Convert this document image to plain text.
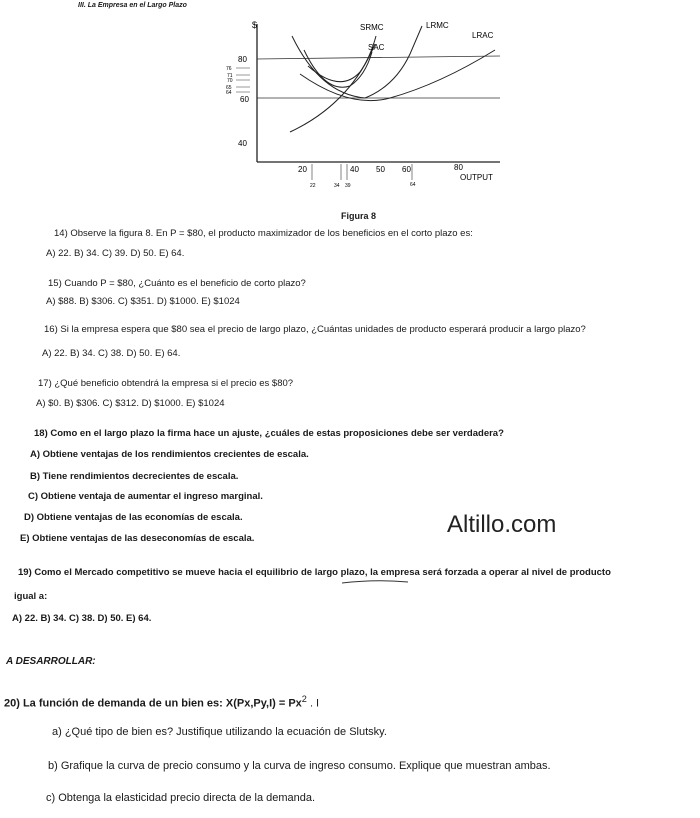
III. La Empresa en el Largo Plazo
$	SRMC
SAC
LRMC
LRAC
80
60
40
76
71
70
65
64
20	40 50 60	80
22	34 39	64
OUTPUT
Figura 8
14) Observe la figura 8. En P = $80, el producto maximizador de los beneficios en el corto plazo es:
A) 22. B) 34. C) 39. D) 50. E) 64.
15) Cuando P = $80, ¿Cuánto es el beneficio de corto plazo?
A) $88. B) $306. C) $351. D) $1000. E) $1024
16) Si la empresa espera que $80 sea el precio de largo plazo, ¿Cuántas unidades de producto esperará producir a largo plazo?
A) 22. B) 34. C) 38. D) 50. E) 64.
17) ¿Qué beneficio obtendrá la empresa si el precio es $80?
A) $0. B) $306. C) $312. D) $1000. E) $1024
18) Como en el largo plazo la firma hace un ajuste, ¿cuáles de estas proposiciones debe ser verdadera?
A) Obtiene ventajas de los rendimientos crecientes de escala.
B) Tiene rendimientos decrecientes de escala.
C) Obtiene ventaja de aumentar el ingreso marginal.
D) Obtiene ventajas de las economías de escala.
E) Obtiene ventajas de las deseconomías de escala.
Altillo.com
19) Como el Mercado competitivo se mueve hacia el equilibrio de largo plazo, la empresa será forzada a operar al nivel de producto
igual a:
A) 22. B) 34. C) 38. D) 50. E) 64.
A DESARROLLAR:
20) La función de demanda de un bien es: $X(Px,Py,I) = Px^2$ . I
a) ¿Qué tipo de bien es? Justifique utilizando la ecuación de Slutsky.
b) Grafique la curva de precio consumo y la curva de ingreso consumo. Explique que muestran ambas.
c) Obtenga la elasticidad precio directa de la demanda.
